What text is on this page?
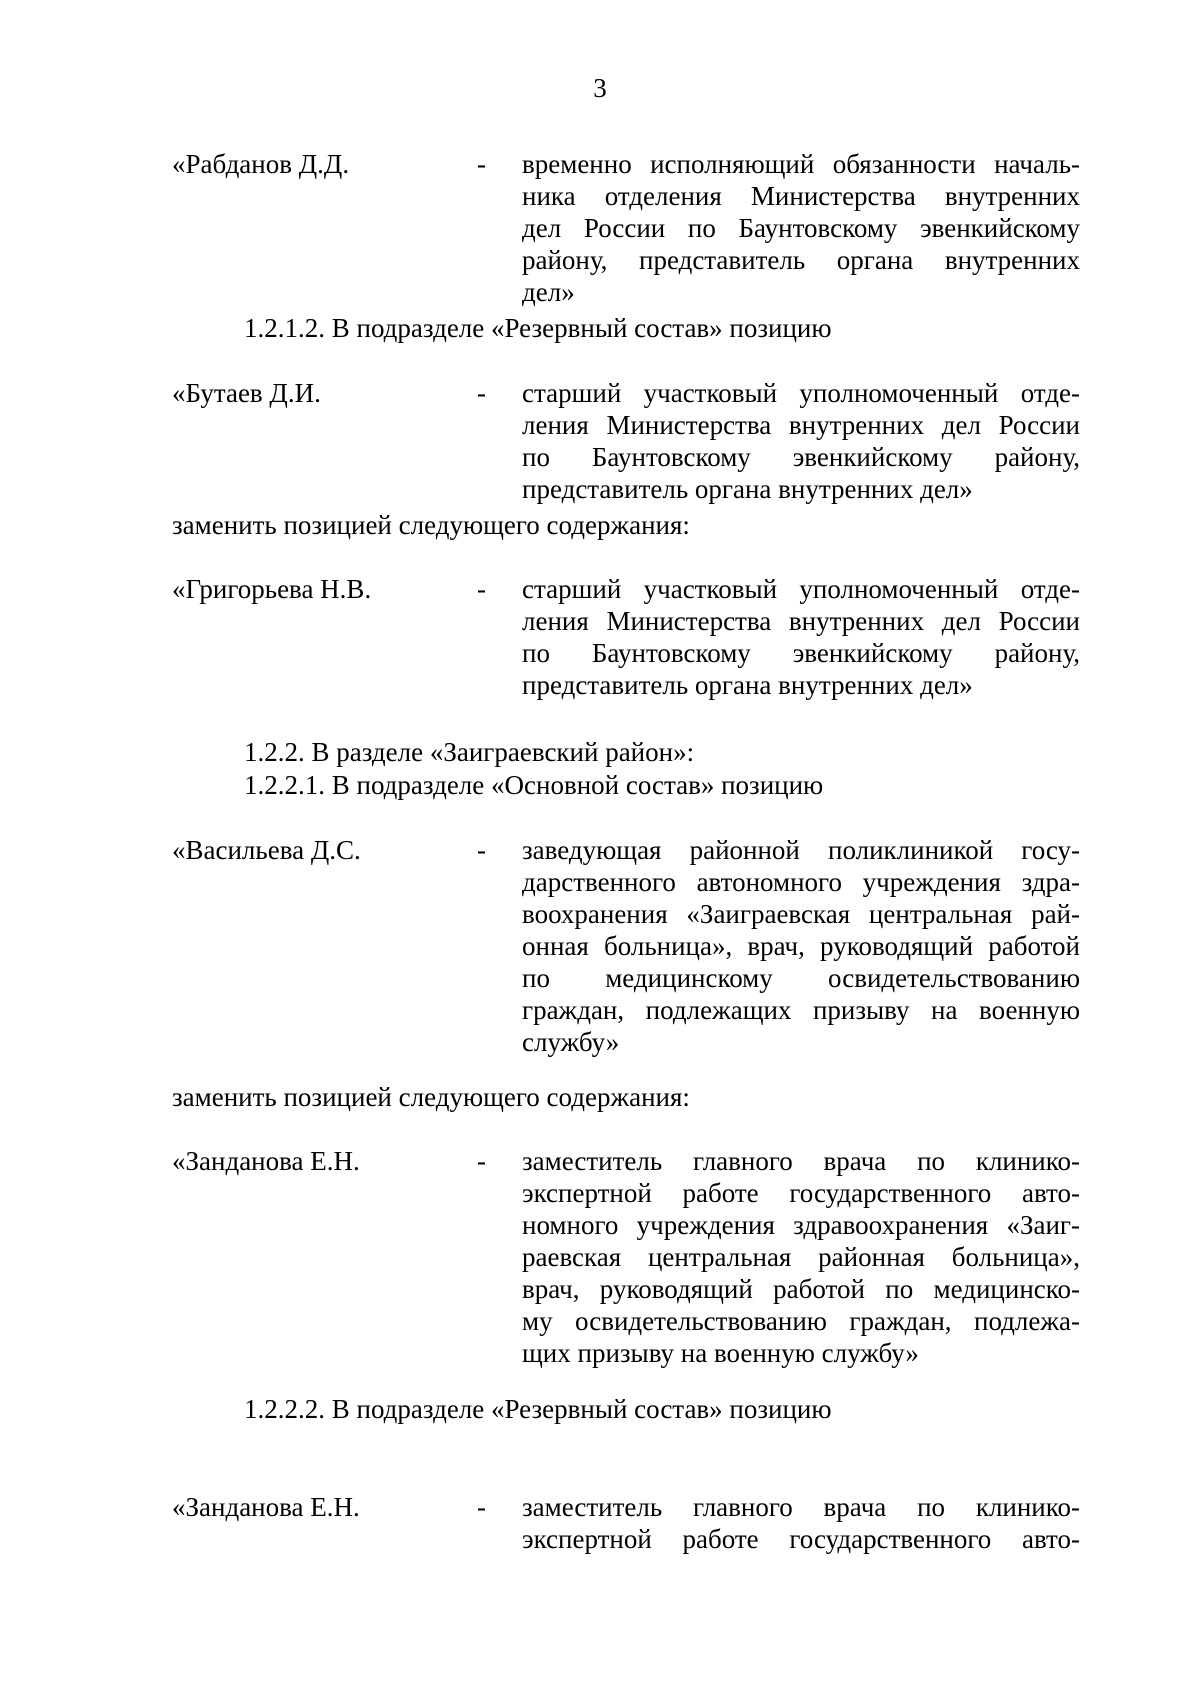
3
«Рабданов Д.Д.	- временно исполняющий обязанности началь-
ника отделения Министерства внутренних
дел России по Баунтовскому эвенкийскому
району, представитель органа внутренних
дел»
1.2.1.2. В подразделе «Резервный состав» позицию
«Бутаев Д.И.	- старший участковый уполномоченный отде-
ления Министерства внутренних дел России
по Баунтовскому эвенкийскому району,
представитель органа внутренних дел»
заменить позицией следующего содержания:
«Григорьева Н.В.	- старший участковый уполномоченный отде-
ления Министерства внутренних дел России
по Баунтовскому эвенкийскому району,
представитель органа внутренних дел»
1.2.2. В разделе «Заиграевский район»:
1.2.2.1. В подразделе «Основной состав» позицию
«Васильева Д.С.	- заведующая районной поликлиникой госу-
дарственного автономного учреждения здра-
воохранения «Заиграевская центральная рай-
онная больница», врач, руководящий работой
по медицинскому освидетельствованию
граждан, подлежащих призыву на военную
службу»
заменить позицией следующего содержания:
«Занданова Е.Н.	- заместитель главного врача по клинико-
экспертной работе государственного авто-
номного учреждения здравоохранения «Заиг-
раевская центральная районная больница»,
врач, руководящий работой по медицинско-
му освидетельствованию граждан, подлежа-
щих призыву на военную службу»
1.2.2.2. В подразделе «Резервный состав» позицию
«Занданова Е.Н.	- заместитель главного врача по клинико-
экспертной работе государственного авто-
